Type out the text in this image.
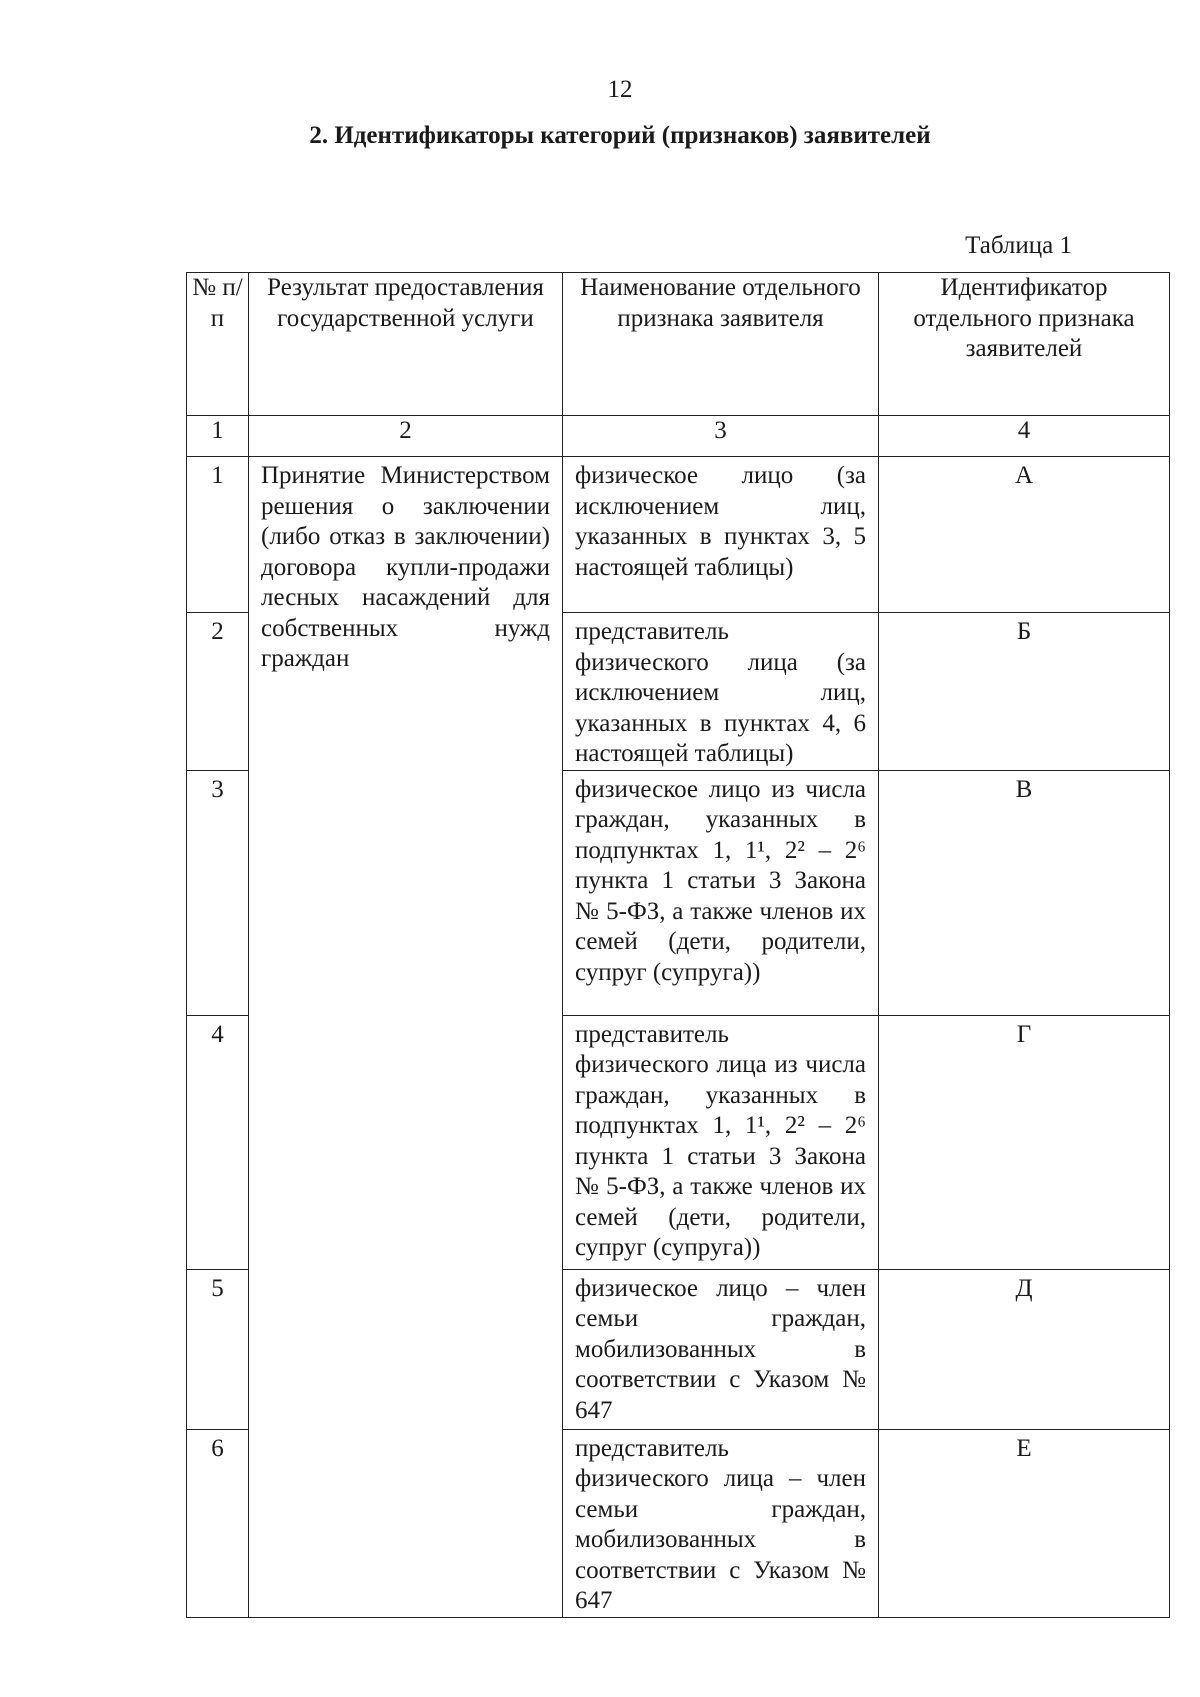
12
2. Идентификаторы категорий (признаков) заявителей
Таблица 1
№ п/п	Результат предоставления государственной услуги	Наименование отдельного признака заявителя	Идентификатор отдельного признака заявителей
1	2	3	4

1	Принятие Министерством решения о заключении (либо отказ в заключении) договора купли-продажи лесных насаждений для собственных нужд граждан	физическое лицо (за исключением лиц, указанных в пунктах 3, 5 настоящей таблицы)	А

2		представитель физического лица (за исключением лиц, указанных в пунктах 4, 6 настоящей таблицы)	Б

3		физическое лицо из числа граждан, указанных в подпунктах 1, 1¹, 2² – 2⁶ пункта 1 статьи 3 Закона № 5-ФЗ, а также членов их семей (дети, родители, супруг (супруга))	В

4		представитель физического лица из числа граждан, указанных в подпунктах 1, 1¹, 2² – 2⁶ пункта 1 статьи 3 Закона № 5-ФЗ, а также членов их семей (дети, родители, супруг (супруга))	Г

5		физическое лицо – член семьи граждан, мобилизованных в соответствии с Указом № 647	Д

6		представитель физического лица – член семьи граждан, мобилизованных в соответствии с Указом № 647	Е
